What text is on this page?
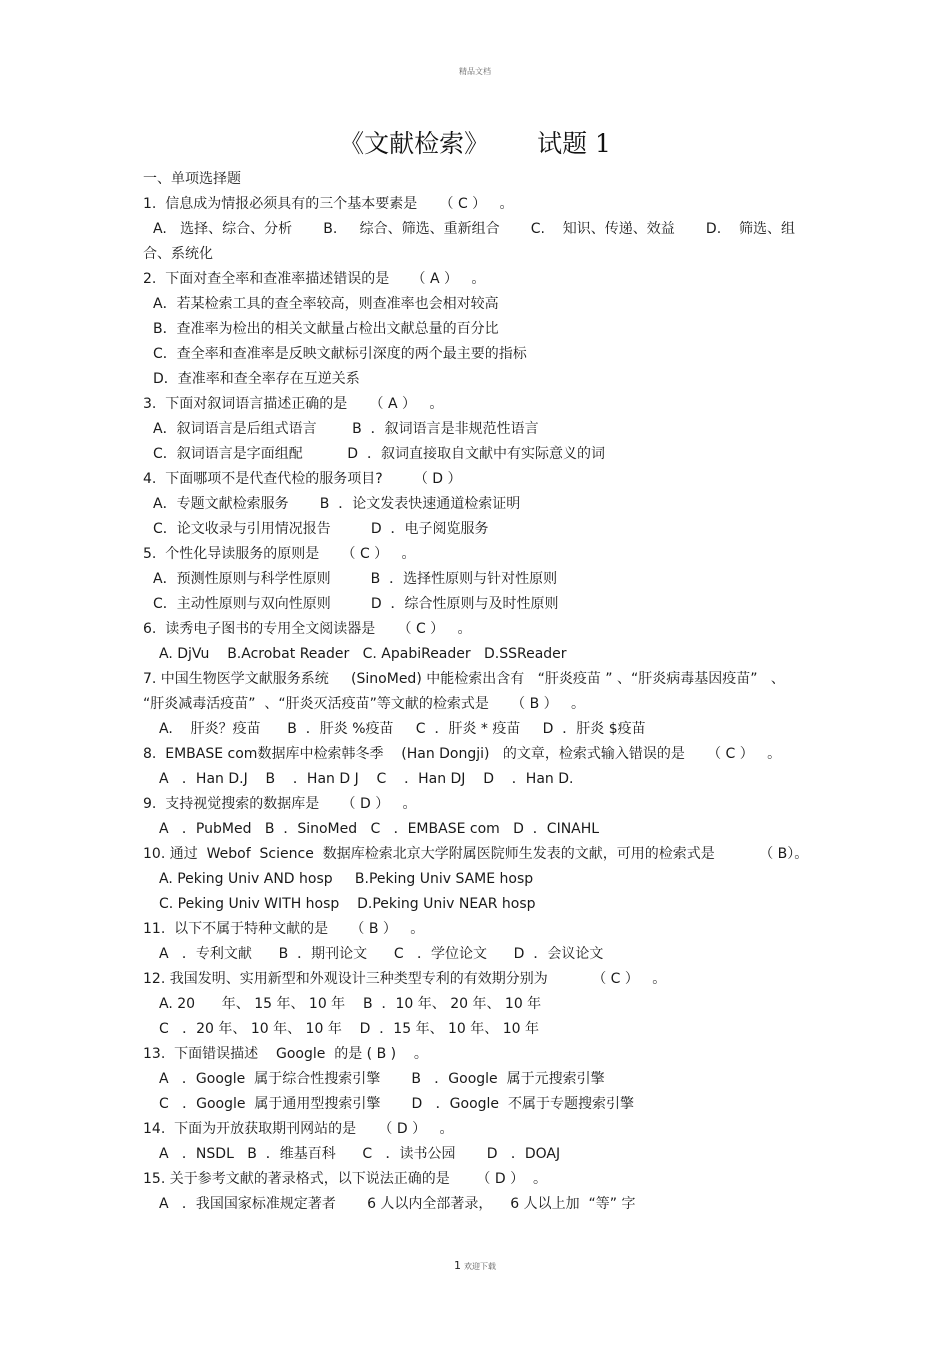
精品文档
《文献检索》 试题 1
一、单项选择题
1.  信息成为情报必须具有的三个基本要素是     （ C ）   。
A.   选择、综合、分析       B.     综合、筛选、重新组合       C.    知识、传递、效益       D.    筛选、组
合、系统化
2.  下面对查全率和查准率描述错误的是     （ A ）   。
A．若某检索工具的查全率较高，则查准率也会相对较高
B．查准率为检出的相关文献量占检出文献总量的百分比
C．查全率和查准率是反映文献标引深度的两个最主要的指标
D．查准率和查全率存在互逆关系
3.  下面对叙词语言描述正确的是     （ A ）   。
A．叙词语言是后组式语言        B  ．叙词语言是非规范性语言
C．叙词语言是字面组配          D  ．叙词直接取自文献中有实际意义的词
4.  下面哪项不是代查代检的服务项目?       （ D ）
A．专题文献检索服务       B  ．论文发表快速通道检索证明
C．论文收录与引用情况报告         D  ．电子阅览服务
5.  个性化导读服务的原则是     （ C ）   。
A．预测性原则与科学性原则         B  ．选择性原则与针对性原则
C．主动性原则与双向性原则         D  ．综合性原则与及时性原则
6.  读秀电子图书的专用全文阅读器是     （ C ）   。
A. DjVu    B.Acrobat Reader   C. ApabiReader   D.SSReader
7. 中国生物医学文献服务系统     (SinoMed) 中能检索出含有   “肝炎疫苗 ” 、“肝炎病毒基因疫苗”   、
“肝炎减毒活疫苗”  、“肝炎灭活疫苗”等文献的检索式是     （ B ）   。
A.    肝炎？疫苗      B  ．肝炎 %疫苗     C  ．肝炎 * 疫苗     D  ．肝炎 $疫苗
8.  EMBASE com数据库中检索韩冬季    (Han Dongji)   的文章，检索式输入错误的是     （ C ）   。
A   ．Han D.J    B    ．Han D J    C    ．Han DJ    D    ．Han D.
9.  支持视觉搜索的数据库是     （ D ）   。
A   ．PubMed   B  ．SinoMed   C   ．EMBASE com   D  ．CINAHL
10. 通过  Webof  Science  数据库检索北京大学附属医院师生发表的文献，可用的检索式是          （ B）。
A. Peking Univ AND hosp     B.Peking Univ SAME hosp
C. Peking Univ WITH hosp    D.Peking Univ NEAR hosp
11.  以下不属于特种文献的是     （ B ）   。
A   ．专利文献      B  ．期刊论文      C   ．学位论文      D  ．会议论文
12. 我国发明、实用新型和外观设计三种类型专利的有效期分别为          （ C ）   。
A. 20      年、 15 年、 10 年    B  ．10 年、 20 年、 10 年
C   ．20 年、 10 年、 10 年    D  ．15 年、 10 年、 10 年
13.  下面错误描述    Google  的是 ( B )    。
A   ．Google  属于综合性搜索引擎       B   ．Google  属于元搜索引擎
C   ．Google  属于通用型搜索引擎       D   ．Google  不属于专题搜索引擎
14.  下面为开放获取期刊网站的是     （ D ）   。
A   ．NSDL   B  ．维基百科      C   ．读书公园       D   ．DOAJ
15. 关于参考文献的著录格式，以下说法正确的是      （ D ）  。
A   ．我国国家标准规定著者       6 人以内全部著录，    6 人以上加  “等” 字
1 欢迎下载
